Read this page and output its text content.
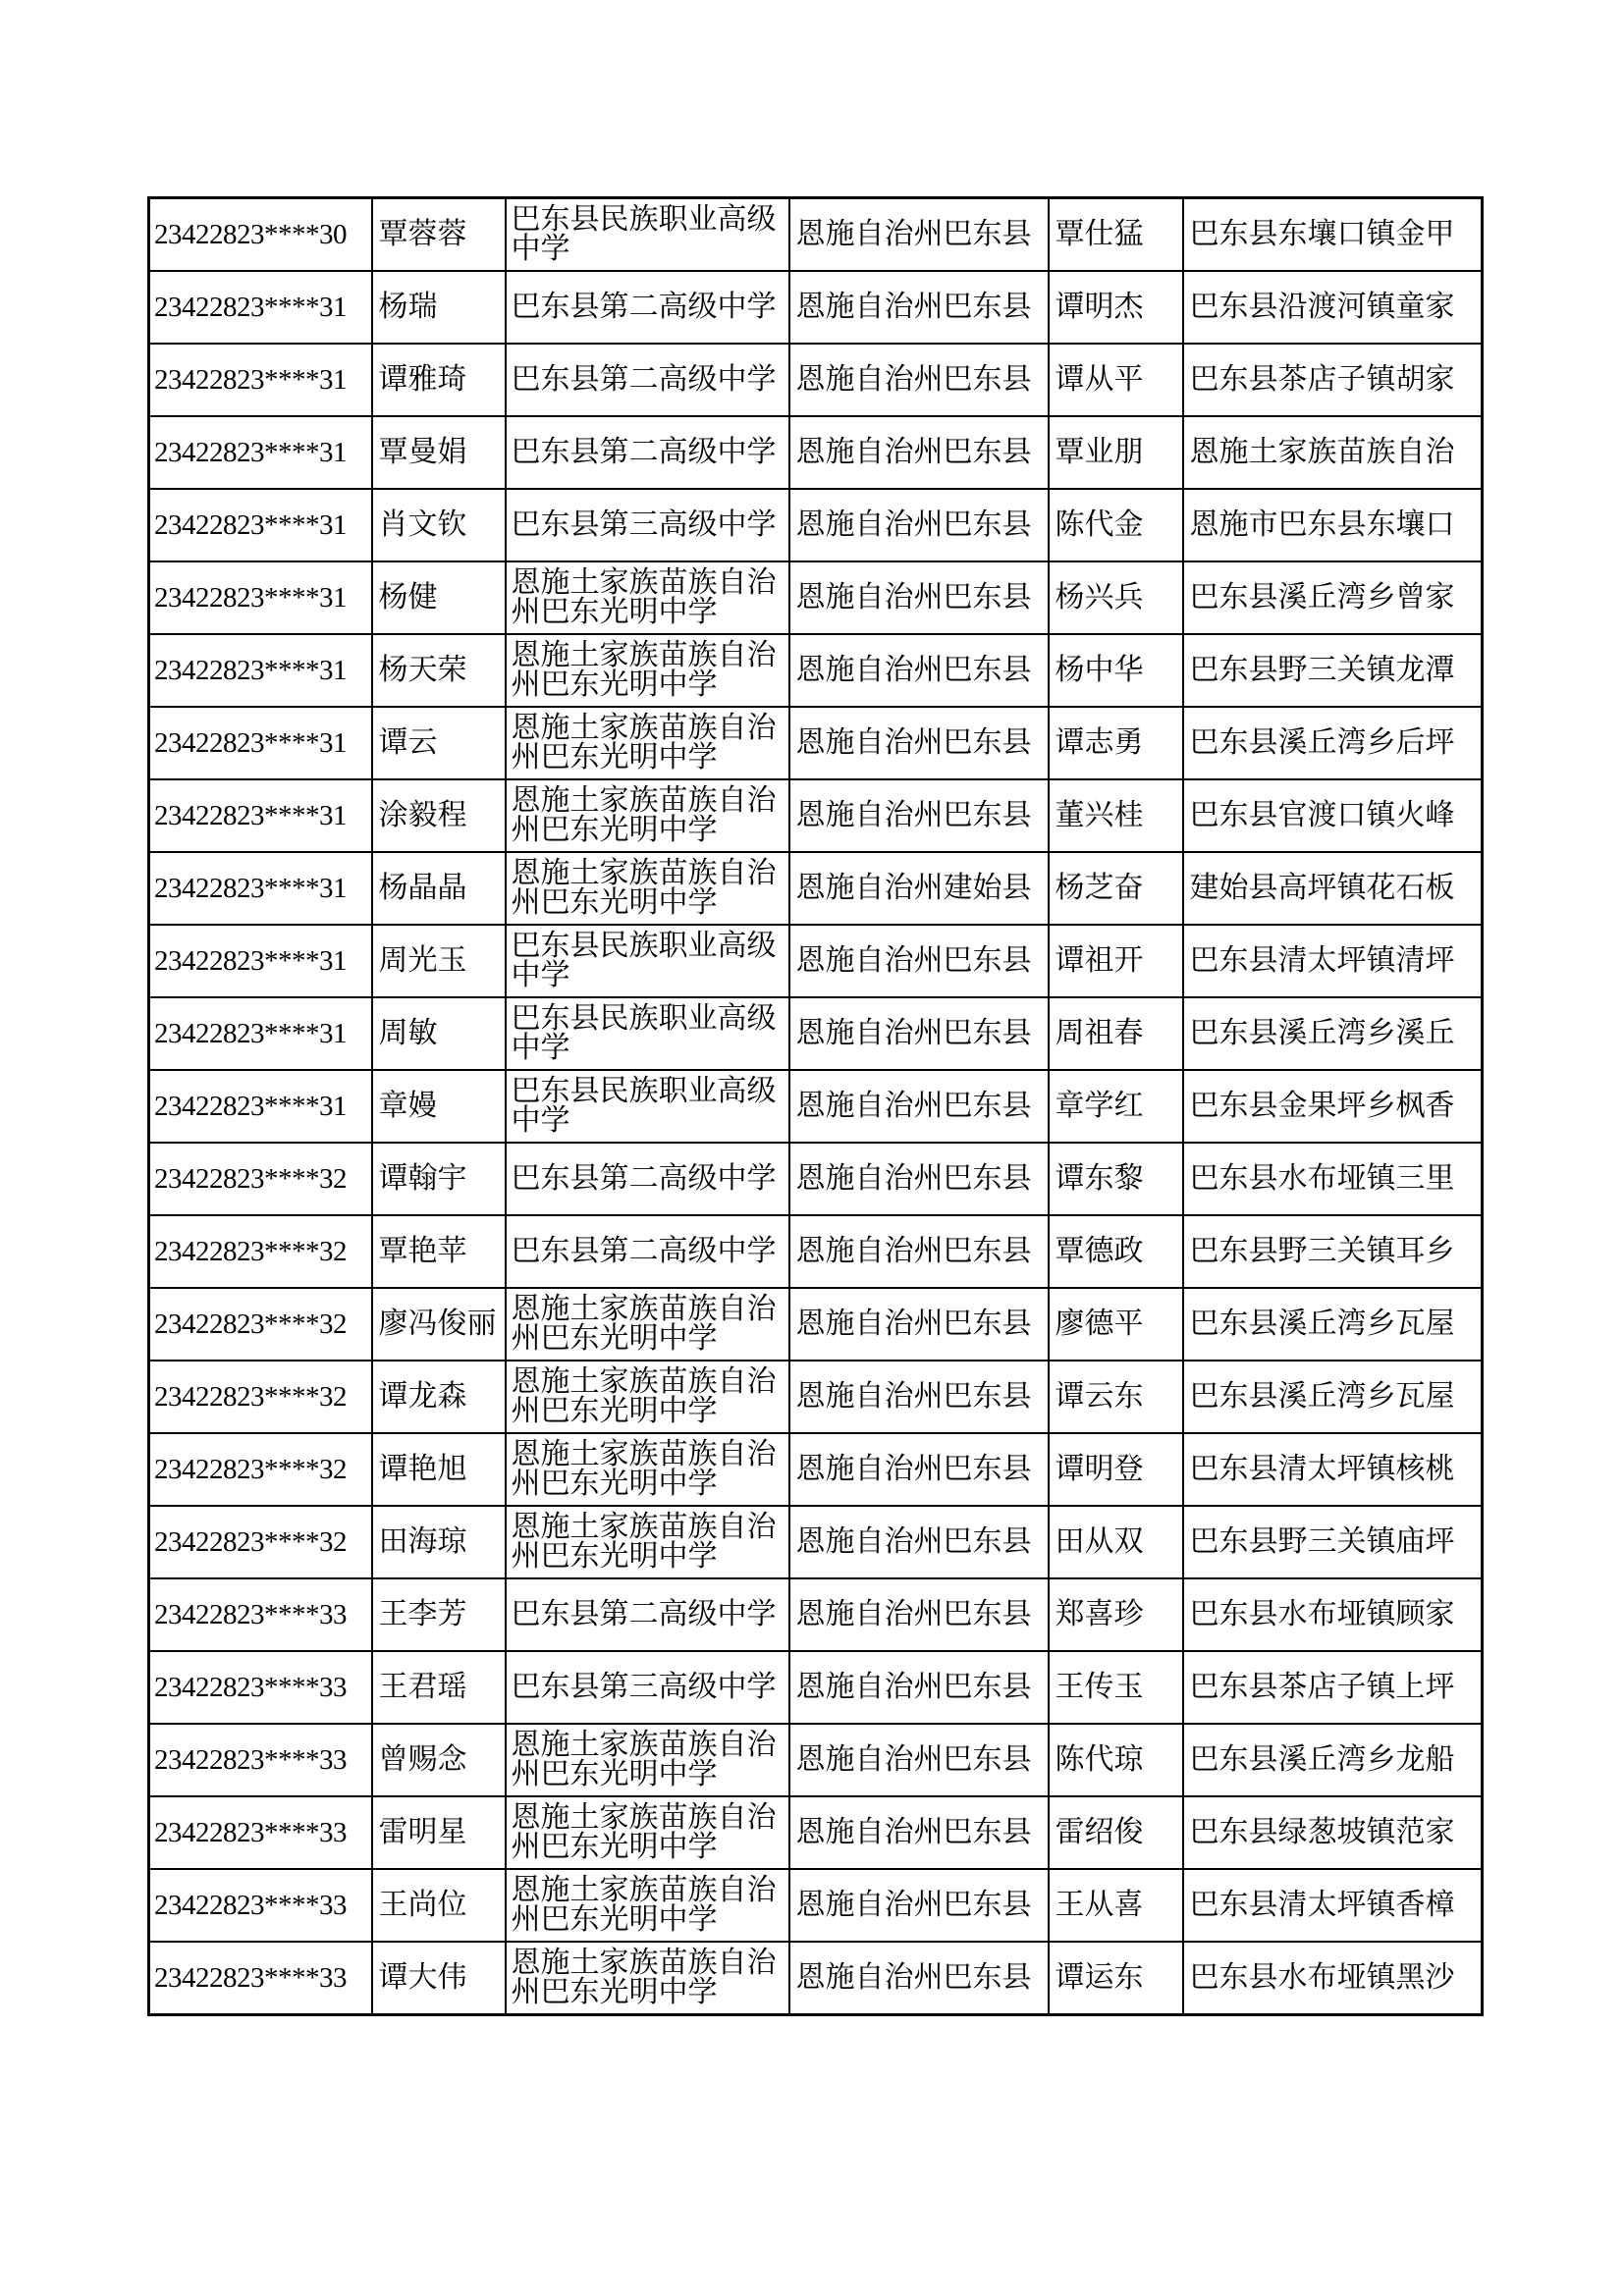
23422823****30	覃蓉蓉	巴东县民族职业高级中学	恩施自治州巴东县	覃仕猛	巴东县东壤口镇金甲
23422823****31	杨瑞	巴东县第二高级中学	恩施自治州巴东县	谭明杰	巴东县沿渡河镇童家
23422823****31	谭雅琦	巴东县第二高级中学	恩施自治州巴东县	谭从平	巴东县茶店子镇胡家
23422823****31	覃曼娟	巴东县第二高级中学	恩施自治州巴东县	覃业朋	恩施土家族苗族自治
23422823****31	肖文钦	巴东县第三高级中学	恩施自治州巴东县	陈代金	恩施市巴东县东壤口
23422823****31	杨健	恩施土家族苗族自治州巴东光明中学	恩施自治州巴东县	杨兴兵	巴东县溪丘湾乡曾家
23422823****31	杨天荣	恩施土家族苗族自治州巴东光明中学	恩施自治州巴东县	杨中华	巴东县野三关镇龙潭
23422823****31	谭云	恩施土家族苗族自治州巴东光明中学	恩施自治州巴东县	谭志勇	巴东县溪丘湾乡后坪
23422823****31	涂毅程	恩施土家族苗族自治州巴东光明中学	恩施自治州巴东县	董兴桂	巴东县官渡口镇火峰
23422823****31	杨晶晶	恩施土家族苗族自治州巴东光明中学	恩施自治州建始县	杨芝奋	建始县高坪镇花石板
23422823****31	周光玉	巴东县民族职业高级中学	恩施自治州巴东县	谭祖开	巴东县清太坪镇清坪
23422823****31	周敏	巴东县民族职业高级中学	恩施自治州巴东县	周祖春	巴东县溪丘湾乡溪丘
23422823****31	章嫚	巴东县民族职业高级中学	恩施自治州巴东县	章学红	巴东县金果坪乡枫香
23422823****32	谭翰宇	巴东县第二高级中学	恩施自治州巴东县	谭东黎	巴东县水布垭镇三里
23422823****32	覃艳苹	巴东县第二高级中学	恩施自治州巴东县	覃德政	巴东县野三关镇耳乡
23422823****32	廖冯俊丽	恩施土家族苗族自治州巴东光明中学	恩施自治州巴东县	廖德平	巴东县溪丘湾乡瓦屋
23422823****32	谭龙森	恩施土家族苗族自治州巴东光明中学	恩施自治州巴东县	谭云东	巴东县溪丘湾乡瓦屋
23422823****32	谭艳旭	恩施土家族苗族自治州巴东光明中学	恩施自治州巴东县	谭明登	巴东县清太坪镇核桃
23422823****32	田海琼	恩施土家族苗族自治州巴东光明中学	恩施自治州巴东县	田从双	巴东县野三关镇庙坪
23422823****33	王李芳	巴东县第二高级中学	恩施自治州巴东县	郑喜珍	巴东县水布垭镇顾家
23422823****33	王君瑶	巴东县第三高级中学	恩施自治州巴东县	王传玉	巴东县茶店子镇上坪
23422823****33	曾赐念	恩施土家族苗族自治州巴东光明中学	恩施自治州巴东县	陈代琼	巴东县溪丘湾乡龙船
23422823****33	雷明星	恩施土家族苗族自治州巴东光明中学	恩施自治州巴东县	雷绍俊	巴东县绿葱坡镇范家
23422823****33	王尚位	恩施土家族苗族自治州巴东光明中学	恩施自治州巴东县	王从喜	巴东县清太坪镇香樟
23422823****33	谭大伟	恩施土家族苗族自治州巴东光明中学	恩施自治州巴东县	谭运东	巴东县水布垭镇黑沙
